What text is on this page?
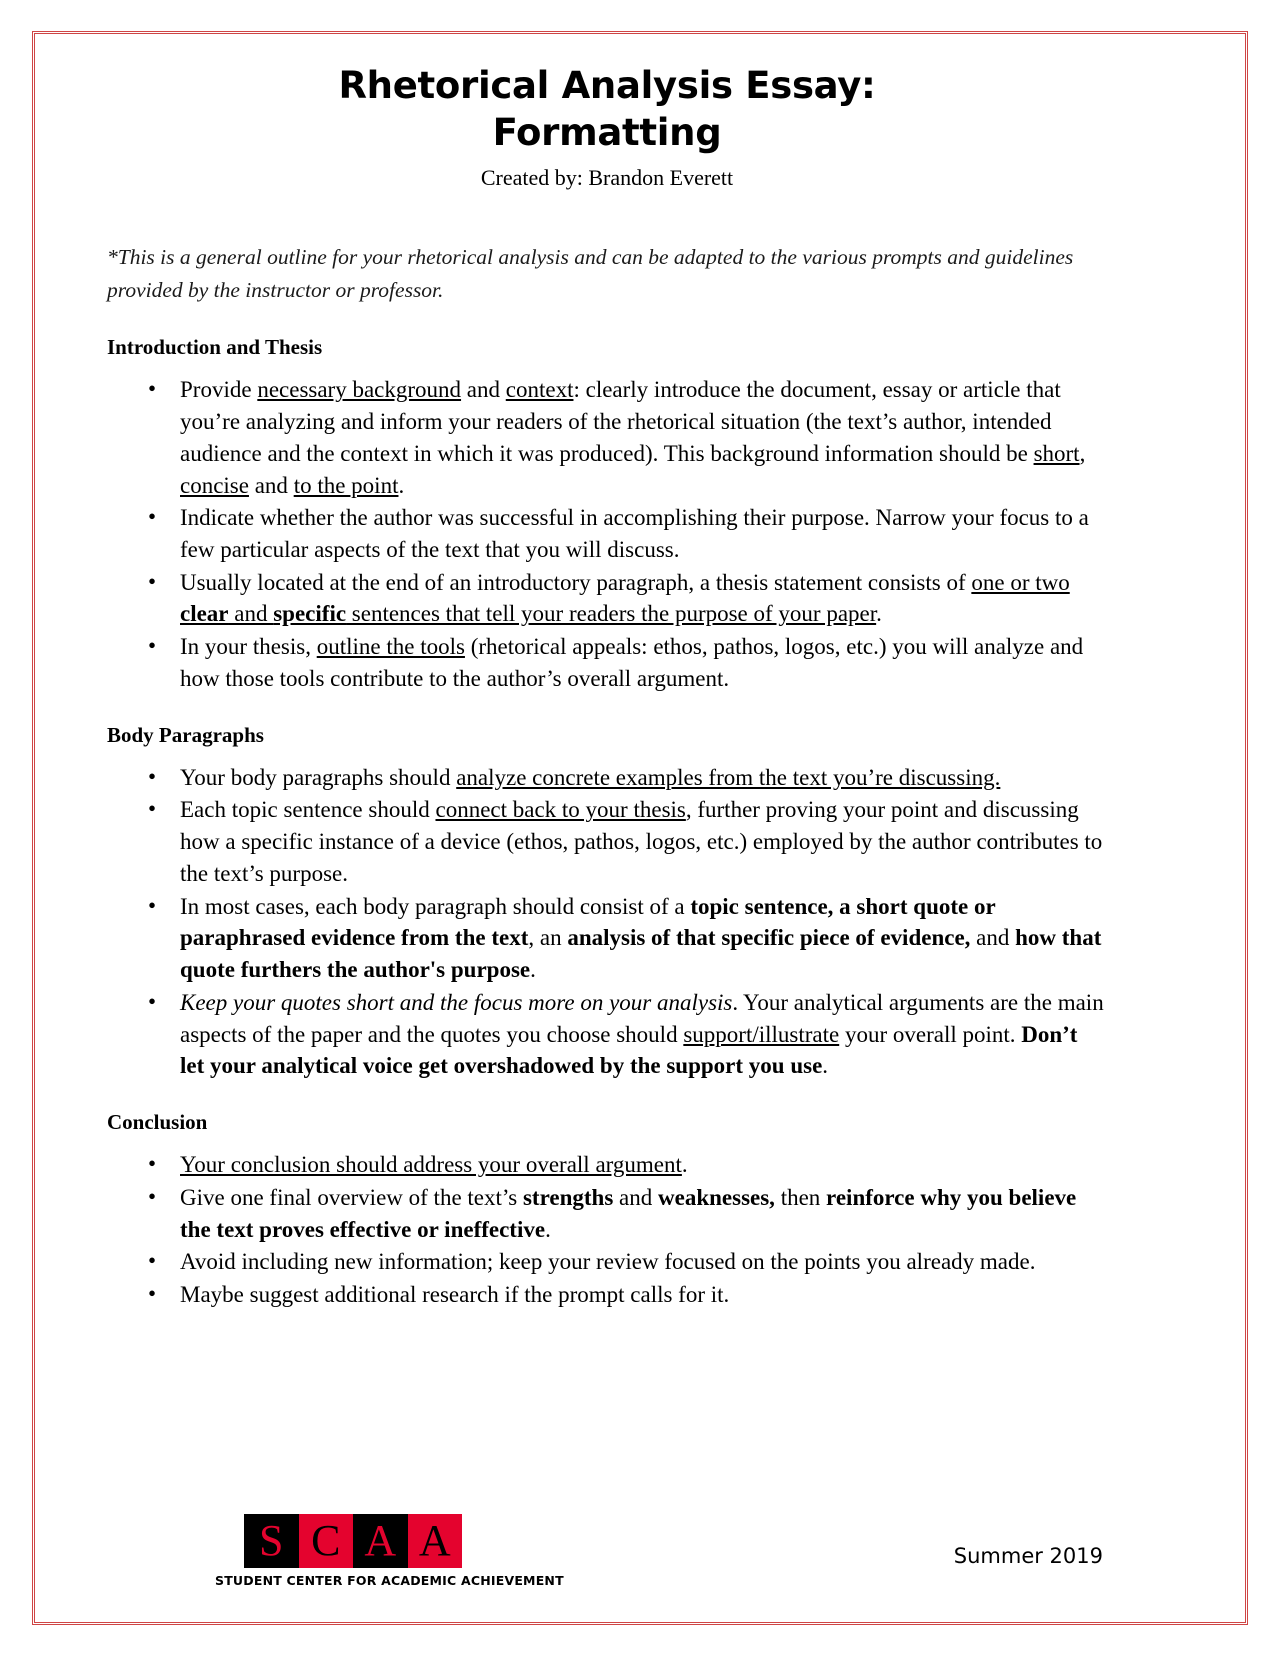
Rhetorical Analysis Essay:
Formatting

Created by: Brandon Everett

*This is a general outline for your rhetorical analysis and can be adapted to the various prompts and guidelines provided by the instructor or professor.

Introduction and Thesis
• Provide necessary background and context: clearly introduce the document, essay or article that you’re analyzing and inform your readers of the rhetorical situation (the text’s author, intended audience and the context in which it was produced). This background information should be short, concise and to the point.
• Indicate whether the author was successful in accomplishing their purpose. Narrow your focus to a few particular aspects of the text that you will discuss.
• Usually located at the end of an introductory paragraph, a thesis statement consists of one or two clear and specific sentences that tell your readers the purpose of your paper.
• In your thesis, outline the tools (rhetorical appeals: ethos, pathos, logos, etc.) you will analyze and how those tools contribute to the author’s overall argument.
Body Paragraphs
• Your body paragraphs should analyze concrete examples from the text you’re discussing.
• Each topic sentence should connect back to your thesis, further proving your point and discussing how a specific instance of a device (ethos, pathos, logos, etc.) employed by the author contributes to the text’s purpose.
• In most cases, each body paragraph should consist of a topic sentence, a short quote or paraphrased evidence from the text, an analysis of that specific piece of evidence, and how that quote furthers the author's purpose.
• Keep your quotes short and the focus more on your analysis. Your analytical arguments are the main aspects of the paper and the quotes you choose should support/illustrate your overall point. Don’t let your analytical voice get overshadowed by the support you use.
Conclusion
• Your conclusion should address your overall argument.
• Give one final overview of the text’s strengths and weaknesses, then reinforce why you believe the text proves effective or ineffective.
• Avoid including new information; keep your review focused on the points you already made.
• Maybe suggest additional research if the prompt calls for it.
S C A A
STUDENT CENTER FOR ACADEMIC ACHIEVEMENT
Summer 2019
